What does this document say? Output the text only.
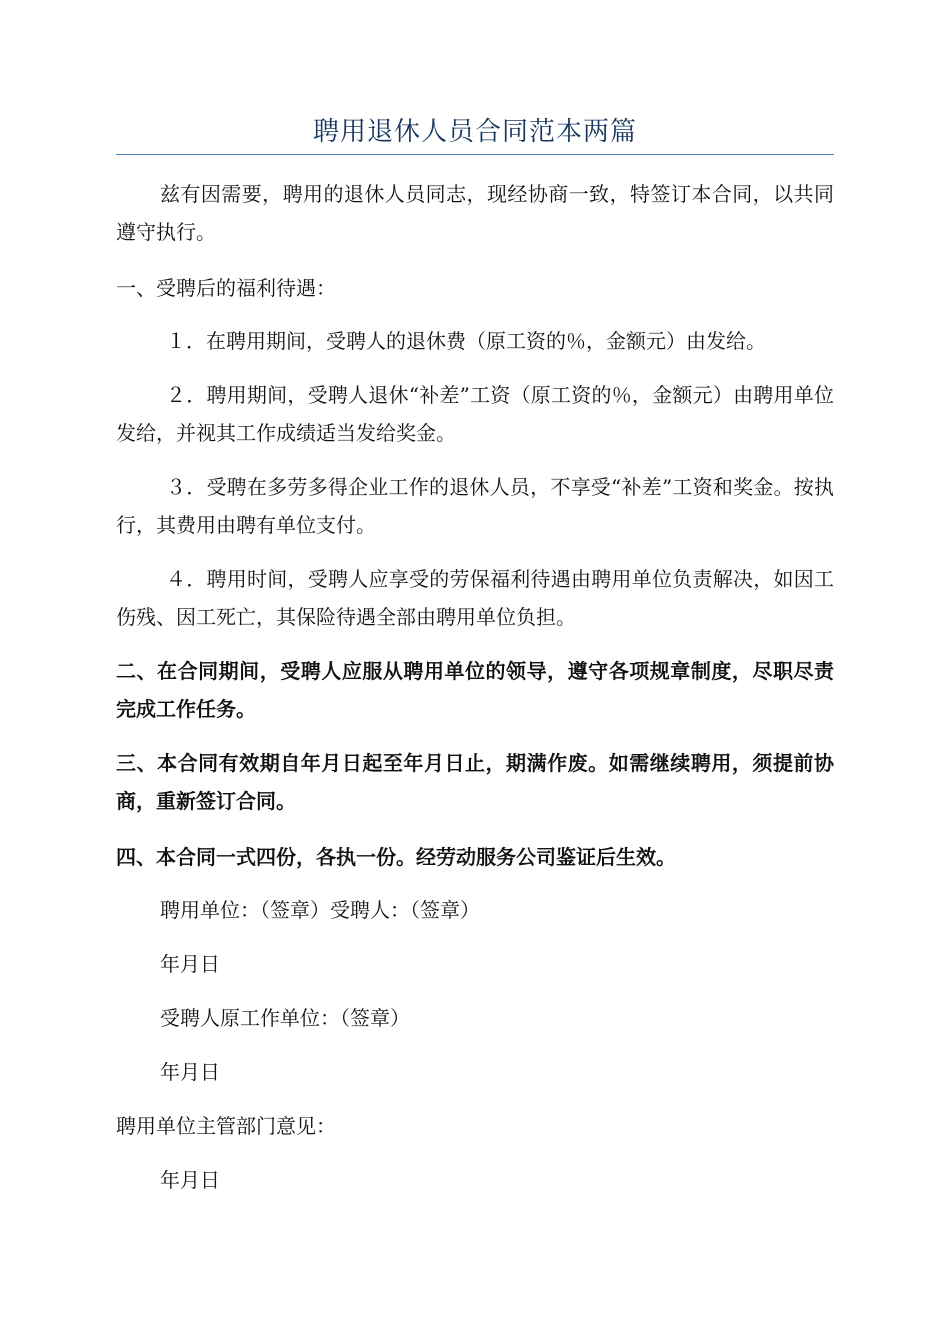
聘用退休人员合同范本两篇

兹有因需要，聘用的退休人员同志，现经协商一致，特签订本合同，以共同遵守执行。

一、受聘后的福利待遇：

１．在聘用期间，受聘人的退休费（原工资的％，金额元）由发给。

２．聘用期间，受聘人退休“补差”工资（原工资的％，金额元）由聘用单位发给，并视其工作成绩适当发给奖金。

３．受聘在多劳多得企业工作的退休人员，不享受“补差”工资和奖金。按执行，其费用由聘有单位支付。

４．聘用时间，受聘人应享受的劳保福利待遇由聘用单位负责解决，如因工伤残、因工死亡，其保险待遇全部由聘用单位负担。

二、在合同期间，受聘人应服从聘用单位的领导，遵守各项规章制度，尽职尽责完成工作任务。

三、本合同有效期自年月日起至年月日止，期满作废。如需继续聘用，须提前协商，重新签订合同。

四、本合同一式四份，各执一份。经劳动服务公司鉴证后生效。

聘用单位：（签章）受聘人：（签章）

年月日

受聘人原工作单位：（签章）

年月日

聘用单位主管部门意见：

年月日
